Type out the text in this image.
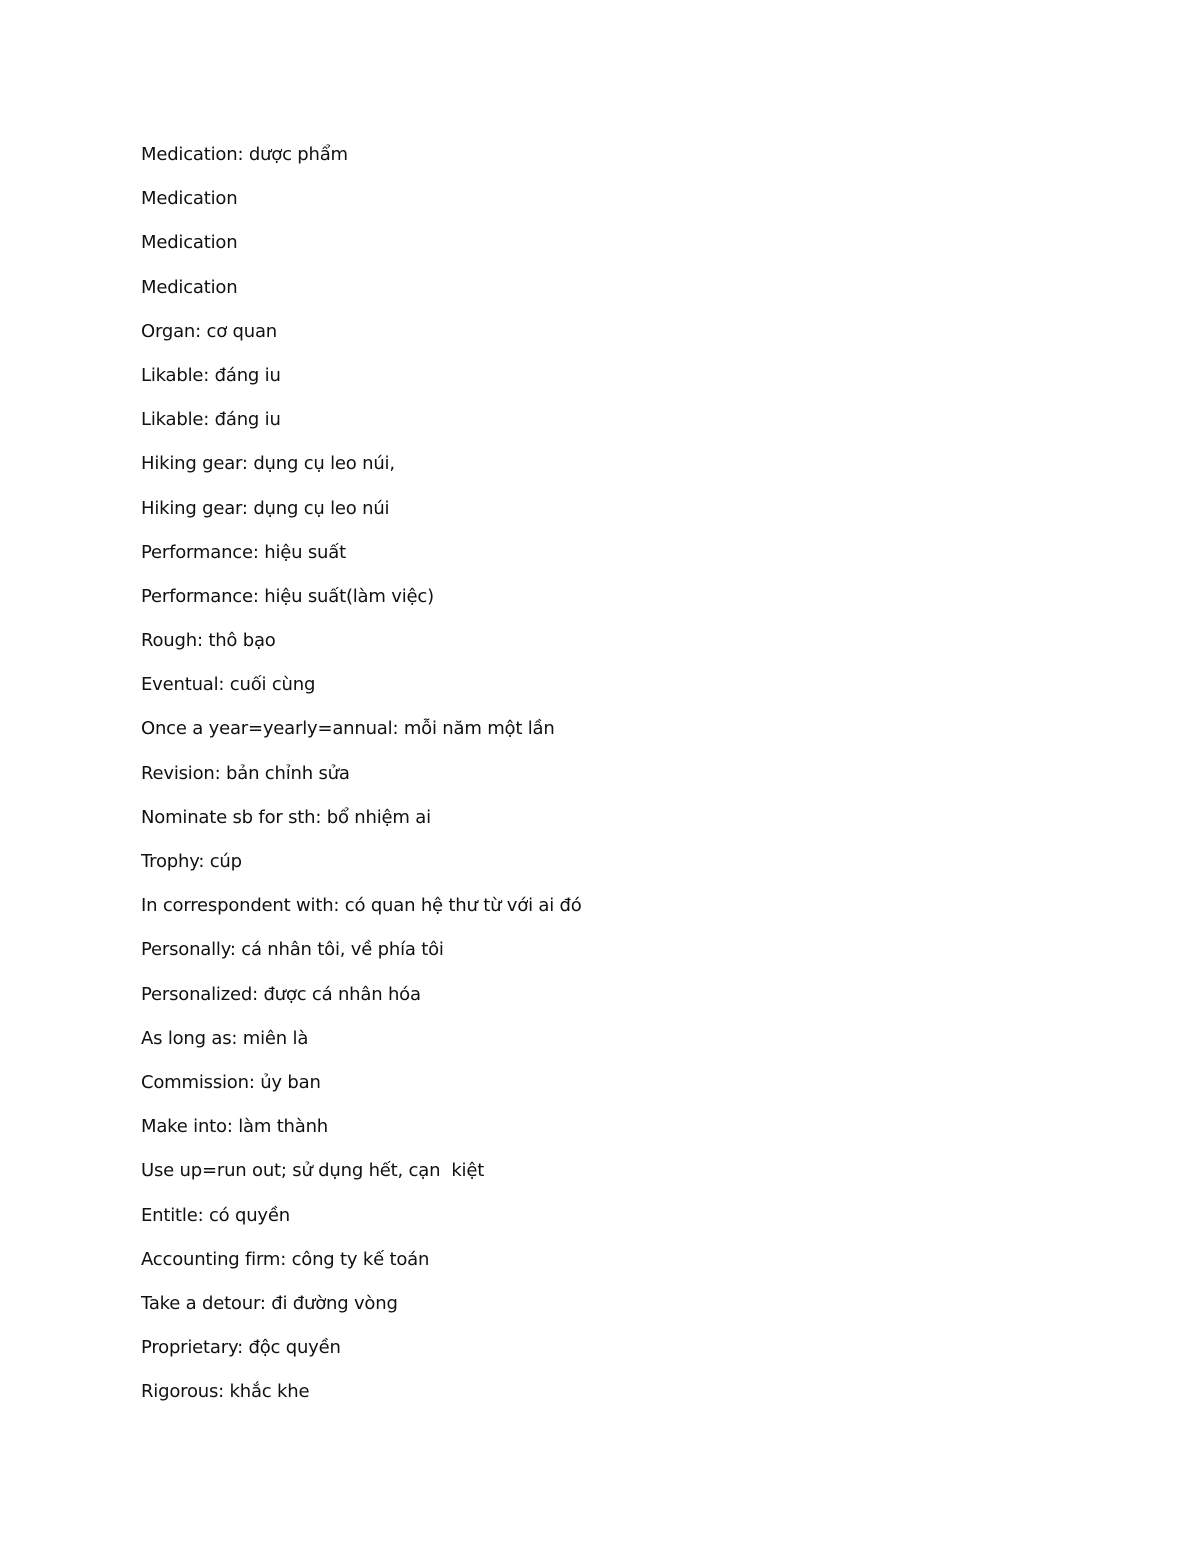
Medication: dược phẩm
Medication
Medication
Medication
Organ: cơ quan
Likable: đáng iu
Likable: đáng iu
Hiking gear: dụng cụ leo núi,
Hiking gear: dụng cụ leo núi
Performance: hiệu suất
Performance: hiệu suất(làm việc)
Rough: thô bạo
Eventual: cuối cùng
Once a year=yearly=annual: mỗi năm một lần
Revision: bản chỉnh sửa
Nominate sb for sth: bổ nhiệm ai
Trophy: cúp
In correspondent with: có quan hệ thư từ với ai đó
Personally: cá nhân tôi, về phía tôi
Personalized: được cá nhân hóa
As long as: miên là
Commission: ủy ban
Make into: làm thành
Use up=run out; sử dụng hết, cạn  kiệt
Entitle: có quyền
Accounting firm: công ty kế toán
Take a detour: đi đường vòng
Proprietary: độc quyền
Rigorous: khắc khe
